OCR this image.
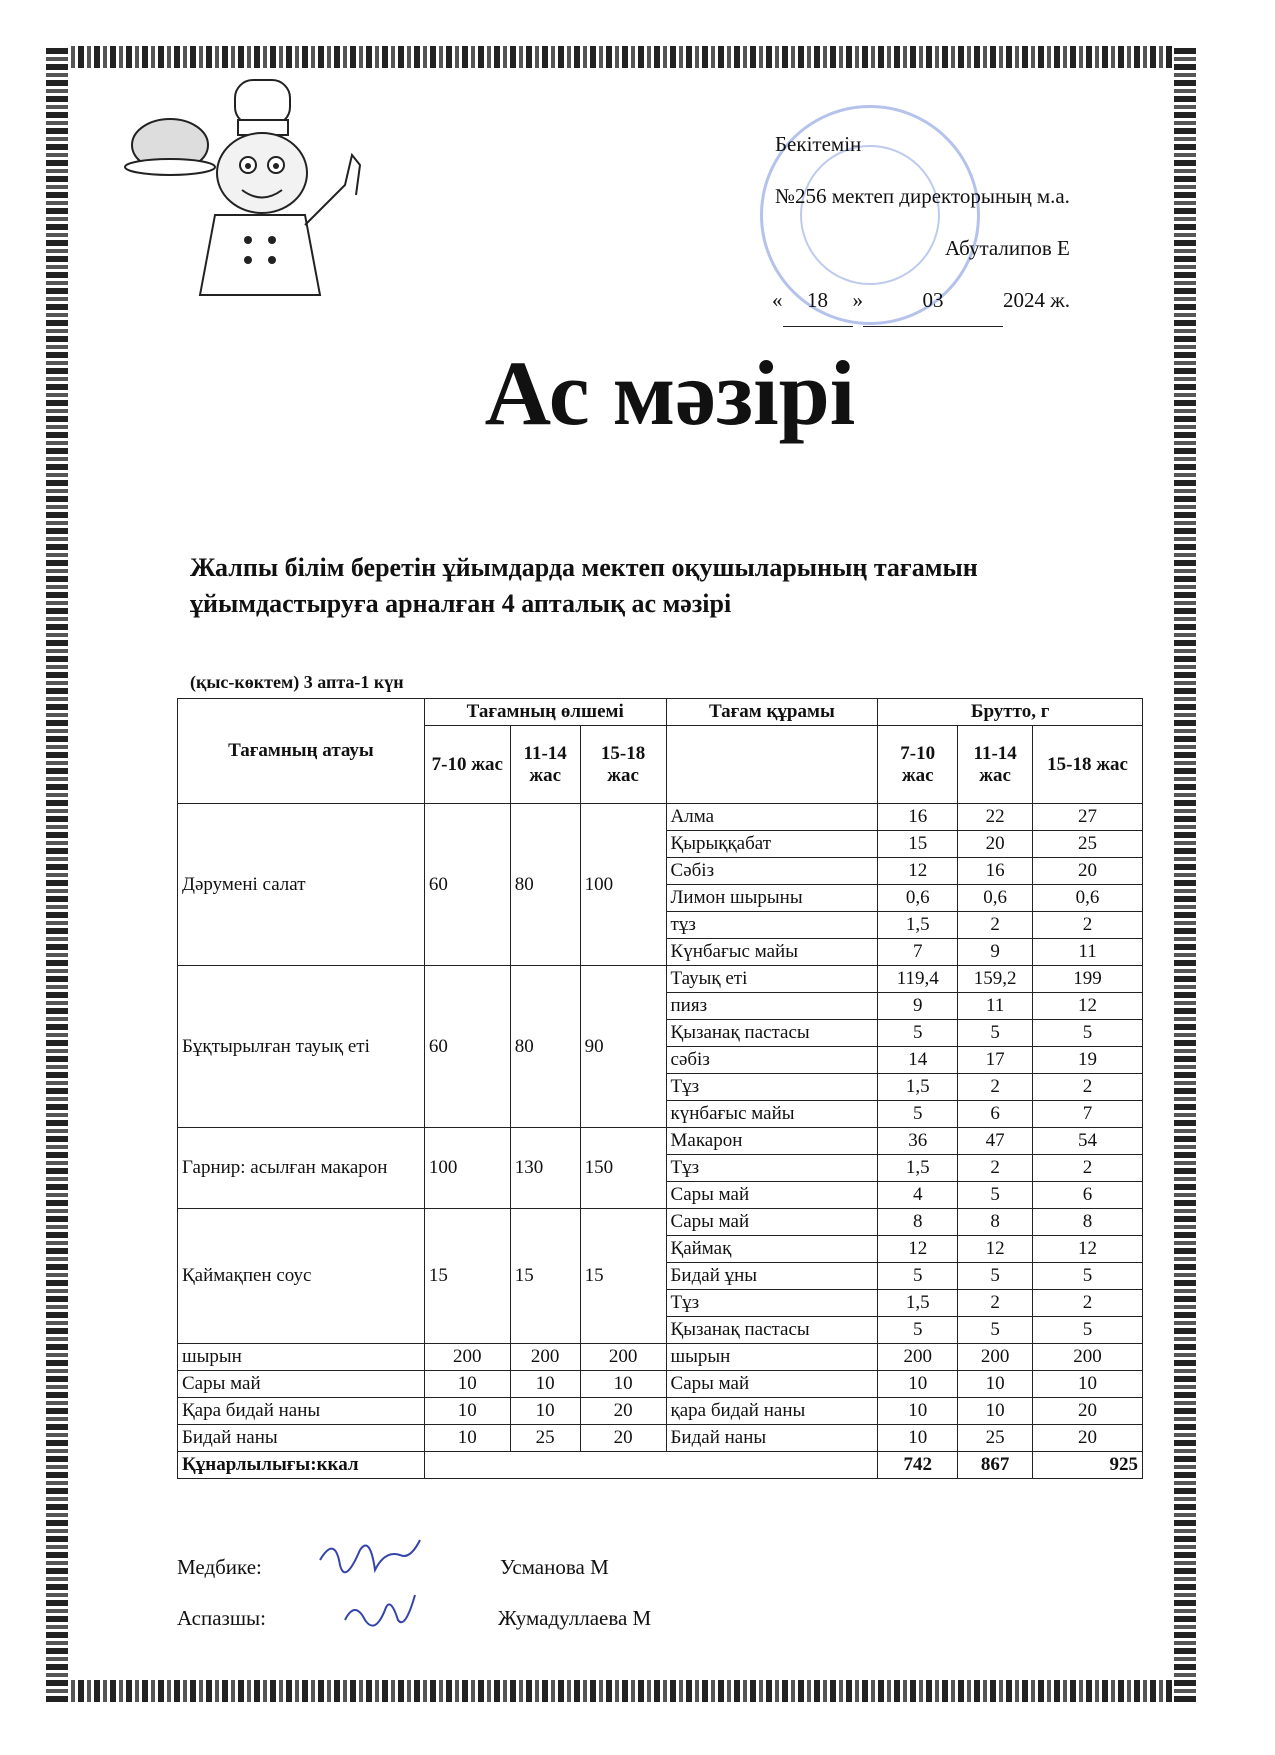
Бекітемін
№256 мектеп директорының м.а.
Абуталипов Е
« 18 »	03	2024 ж.
Ас мәзірі
Жалпы білім беретін ұйымдарда мектеп оқушыларының тағамын
ұйымдастыруға арналған 4 апталық ас мәзірі
(қыс-көктем) 3 апта-1 күн
Тағамның атауы	Тағамның өлшемі			Тағам құрамы	Брутто, г		
	7-10 жас	11-14 жас	15-18 жас		7-10 жас	11-14 жас	15-18 жас
Дәрумені салат	60	80	100	Алма	16	22	27
				Қырыққабат	15	20	25
				Сәбіз	12	16	20
				Лимон шырыны	0,6	0,6	0,6
				тұз	1,5	2	2
				Күнбағыс майы	7	9	11
Бұқтырылған тауық еті	60	80	90	Тауық еті	119,4	159,2	199
				пияз	9	11	12
				Қызанақ пастасы	5	5	5
				сәбіз	14	17	19
				Тұз	1,5	2	2
				күнбағыс майы	5	6	7
Гарнир: асылған макарон	100	130	150	Макарон	36	47	54
				Тұз	1,5	2	2
				Сары май	4	5	6
Қаймақпен соус	15	15	15	Сары май	8	8	8
				Қаймақ	12	12	12
				Бидай ұны	5	5	5
				Тұз	1,5	2	2
				Қызанақ пастасы	5	5	5
шырын	200	200	200	шырын	200	200	200
Сары май	10	10	10	Сары май	10	10	10
Қара бидай наны	10	10	20	қара бидай наны	10	10	20
Бидай наны	10	25	20	Бидай наны	10	25	20
Құнарлылығы:ккал					742	867	925
Медбике:	Усманова М
Аспазшы:	Жумадуллаева М
